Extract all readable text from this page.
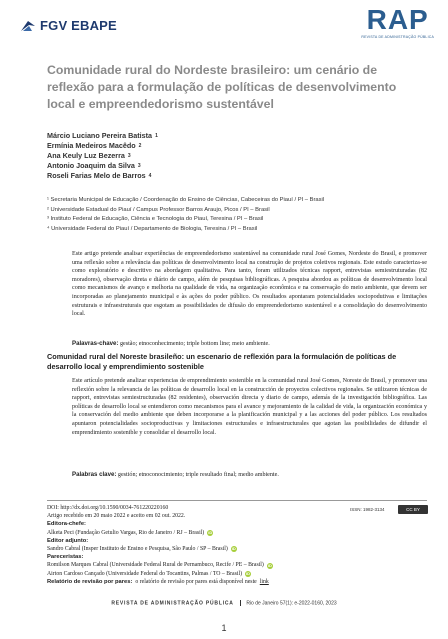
FGV EBAPE	RAP
REVISTA DE ADMINISTRAÇÃO PÚBLICA
Comunidade rural do Nordeste brasileiro: um cenário de reflexão para a formulação de políticas de desenvolvimento local e empreendedorismo sustentável
Márcio Luciano Pereira Batista 1
Ermínia Medeiros Macêdo 2
Ana Keuly Luz Bezerra 3
Antonio Joaquim da Silva 3
Roseli Farias Melo de Barros 4
¹ Secretaria Municipal de Educação / Coordenação do Ensino de Ciências, Cabeceiras do Piauí / PI – Brasil
² Universidade Estadual do Piauí / Campus Professor Barros Araujo, Picos / PI – Brasil
³ Instituto Federal de Educação, Ciência e Tecnologia do Piauí, Teresina / PI – Brasil
⁴ Universidade Federal do Piauí / Departamento de Biologia, Teresina / PI – Brasil

Este artigo pretende analisar experiências de empreendedorismo sustentável na comunidade rural José Gomes, Nordeste do Brasil, e promover uma reflexão sobre a relevância das políticas de desenvolvimento local na construção de projetos coletivos regionais. Este estudo caracteriza-se como exploratório e descritivo na abordagem qualitativa. Para tanto, foram utilizados técnicas rapport, entrevistas semiestruturadas (82 moradores), observação direta e diário de campo, além de pesquisas bibliográficas. A pesquisa abordou as políticas de desenvolvimento local como mecanismos de avanço e melhoria na qualidade de vida, na organização econômica e na conservação do meio ambiente, que devem ser incorporadas ao planejamento municipal e às ações do poder público. Os resultados apontaram potencialidades sociopodutivas e limitações estruturais e infraestruturais que esgotam as possibilidades de difusão do empreendedorismo sustentável e a consolidação do desenvolvimento local.

Palavras-chave: gestão; etnoconhecimento; triple bottom line; meio ambiente.
Comunidad rural del Noreste brasileño: un escenario de reflexión para la formulación de políticas de desarrollo local y emprendimiento sostenible

Este artículo pretende analizar experiencias de emprendimiento sostenible en la comunidad rural José Gomes, Noreste de Brasil, y promover una reflexión sobre la relevancia de las políticas de desarrollo local en la construcción de proyectos colectivos regionales. Se utilizaron técnicas de rapport, entrevistas semiestructuradas (82 residentes), observación directa y diario de campo, además de la investigación bibliográfica. Las políticas de desarrollo local se entendieron como mecanismos para el avance y mejoramiento de la calidad de vida, la organización económica y la conservación del medio ambiente que deben incorporarse a la planificación municipal y a las acciones del poder público. Los resultados apuntaron potencialidades socioproductivas y limitaciones estructurales e infraestructurales que agotan las posibilidades de difundir el emprendimiento sostenible y consolidar el desarrollo local.

Palabras clave: gestión; etnoconocimiento; triple resultado final; medio ambiente.
DOI: http://dx.doi.org/10.1590/0034-761220220160
Artigo recebido em 20 maio 2022 e aceito em 02 out. 2022.
Editora-chefe:
Alketa Peci (Fundação Getulio Vargas, Rio de Janeiro / RJ – Brasil) iD
Editor adjunto:
Sandro Cabral (Insper Instituto de Ensino e Pesquisa, São Paulo / SP – Brasil) iD
Pareceristas:
Romilson Marques Cabral (Universidade Federal Rural de Pernambuco, Recife / PE – Brasil) iD
Airton Cardoso Cançado (Universidade Federal do Tocantins, Palmas / TO – Brasil) iD
Relatório de revisão por pares: o relatório de revisão por pares está disponível neste link
ISSN: 1982-3134	CC BY
REVISTA DE ADMINISTRAÇÃO PÚBLICA	Rio de Janeiro 57(1): e-2022-0160, 2023
1
